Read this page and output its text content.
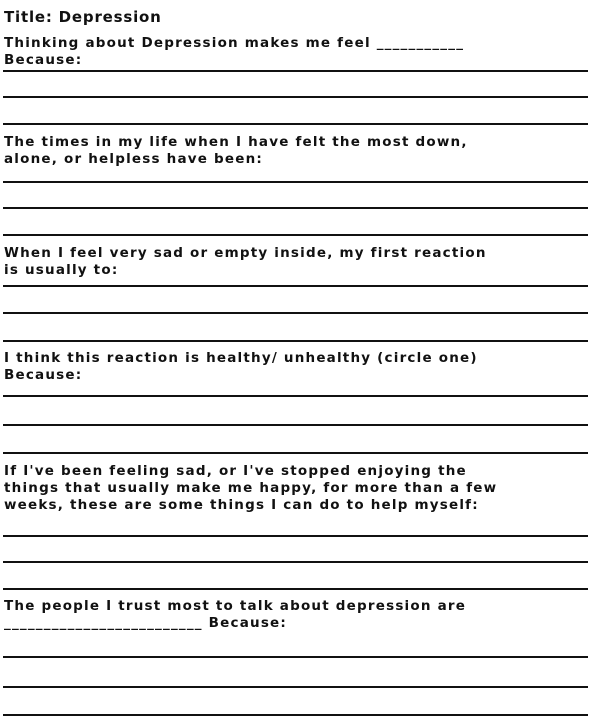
Title: Depression
Thinking about Depression makes me feel ___________
Because:
The times in my life when I have felt the most down,
alone, or helpless have been:
When I feel very sad or empty inside, my first reaction
is usually to:
I think this reaction is healthy/ unhealthy (circle one)
Because:
If I've been feeling sad, or I've stopped enjoying the
things that usually make me happy, for more than a few
weeks, these are some things I can do to help myself:
The people I trust most to talk about depression are
_________________________ Because:
